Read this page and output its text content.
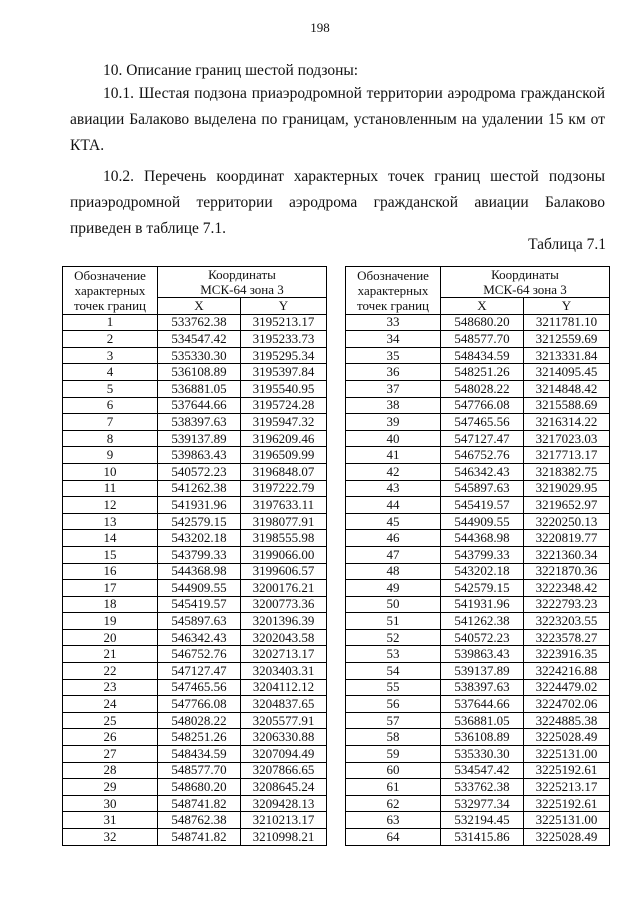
198
10. Описание границ шестой подзоны:

10.1. Шестая подзона приаэродромной территории аэродрома гражданской авиации Балаково выделена по границам, установленным на удалении 15 км от КТА.

10.2. Перечень координат характерных точек границ шестой подзоны приаэродромной территории аэродрома гражданской авиации Балаково приведен в таблице 7.1.

Таблица 7.1
Обозначение
характерных
точек границ	Координаты
МСК-64 зона 3	
	X	Y
1	533762.38	3195213.17
2	534547.42	3195233.73
3	535330.30	3195295.34
4	536108.89	3195397.84
5	536881.05	3195540.95
6	537644.66	3195724.28
7	538397.63	3195947.32
8	539137.89	3196209.46
9	539863.43	3196509.99
10	540572.23	3196848.07
11	541262.38	3197222.79
12	541931.96	3197633.11
13	542579.15	3198077.91
14	543202.18	3198555.98
15	543799.33	3199066.00
16	544368.98	3199606.57
17	544909.55	3200176.21
18	545419.57	3200773.36
19	545897.63	3201396.39
20	546342.43	3202043.58
21	546752.76	3202713.17
22	547127.47	3203403.31
23	547465.56	3204112.12
24	547766.08	3204837.65
25	548028.22	3205577.91
26	548251.26	3206330.88
27	548434.59	3207094.49
28	548577.70	3207866.65
29	548680.20	3208645.24
30	548741.82	3209428.13
31	548762.38	3210213.17
32	548741.82	3210998.21
Обозначение
характерных
точек границ	Координаты
МСК-64 зона 3	
	X	Y
33	548680.20	3211781.10
34	548577.70	3212559.69
35	548434.59	3213331.84
36	548251.26	3214095.45
37	548028.22	3214848.42
38	547766.08	3215588.69
39	547465.56	3216314.22
40	547127.47	3217023.03
41	546752.76	3217713.17
42	546342.43	3218382.75
43	545897.63	3219029.95
44	545419.57	3219652.97
45	544909.55	3220250.13
46	544368.98	3220819.77
47	543799.33	3221360.34
48	543202.18	3221870.36
49	542579.15	3222348.42
50	541931.96	3222793.23
51	541262.38	3223203.55
52	540572.23	3223578.27
53	539863.43	3223916.35
54	539137.89	3224216.88
55	538397.63	3224479.02
56	537644.66	3224702.06
57	536881.05	3224885.38
58	536108.89	3225028.49
59	535330.30	3225131.00
60	534547.42	3225192.61
61	533762.38	3225213.17
62	532977.34	3225192.61
63	532194.45	3225131.00
64	531415.86	3225028.49
